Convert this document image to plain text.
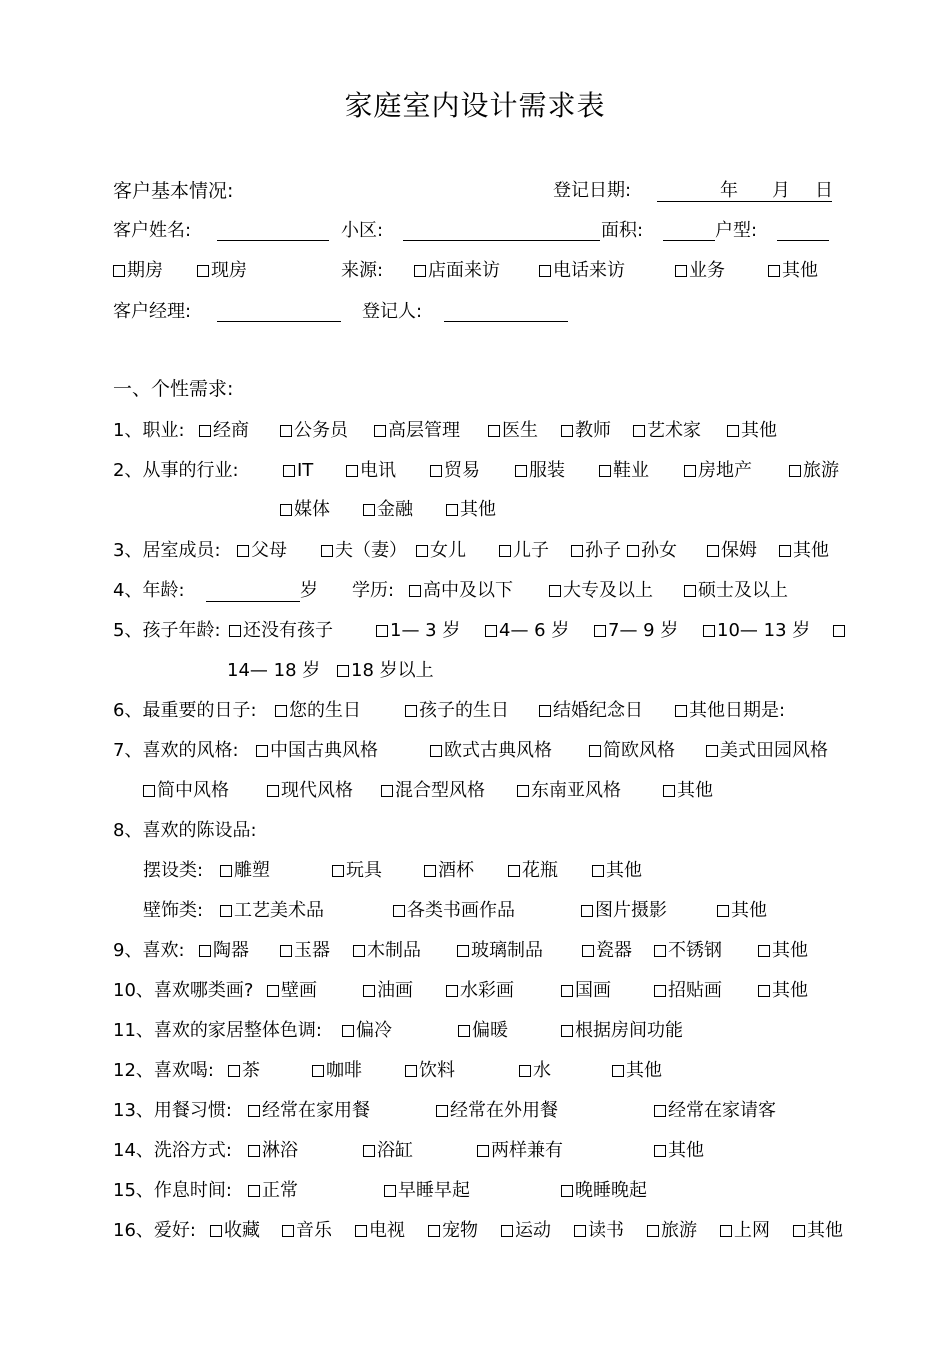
家庭室内设计需求表
客户基本情况:	登记日期:	年 月 日
客户姓名:	小区:	面积:	户型:
期房	现房	来源:	店面来访	电话来访	业务	其他
客户经理:	登记人:
一、个性需求:
1、职业:	经商	公务员	高层管理	医生	教师	艺术家	其他
2、从事的行业:	IT	电讯	贸易	服装	鞋业	房地产	旅游
媒体	金融	其他
3、居室成员:	父母	夫（妻）	女儿	儿子	孙子	孙女	保姆	其他
4、年龄:	岁 学历:	高中及以下	大专及以上	硕士及以上
5、孩子年龄:	还没有孩子	1— 3 岁	4— 6 岁	7— 9 岁	10— 13 岁
14— 18 岁	18 岁以上
6、最重要的日子:	您的生日	孩子的生日	结婚纪念日	其他日期是:
7、喜欢的风格:	中国古典风格	欧式古典风格	简欧风格	美式田园风格
简中风格	现代风格	混合型风格	东南亚风格	其他
8、喜欢的陈设品:
摆设类:	雕塑	玩具	酒杯	花瓶	其他
壁饰类:	工艺美术品	各类书画作品	图片摄影	其他
9、喜欢:	陶器	玉器	木制品	玻璃制品	瓷器	不锈钢	其他
10、喜欢哪类画?	壁画	油画	水彩画	国画	招贴画	其他
11、喜欢的家居整体色调:	偏冷	偏暖	根据房间功能
12、喜欢喝:	茶	咖啡	饮料	水	其他
13、用餐习惯:	经常在家用餐	经常在外用餐	经常在家请客
14、洗浴方式:	淋浴	浴缸	两样兼有	其他
15、作息时间:	正常	早睡早起	晚睡晚起
16、爱好:	收藏	音乐	电视	宠物	运动	读书	旅游	上网	其他
